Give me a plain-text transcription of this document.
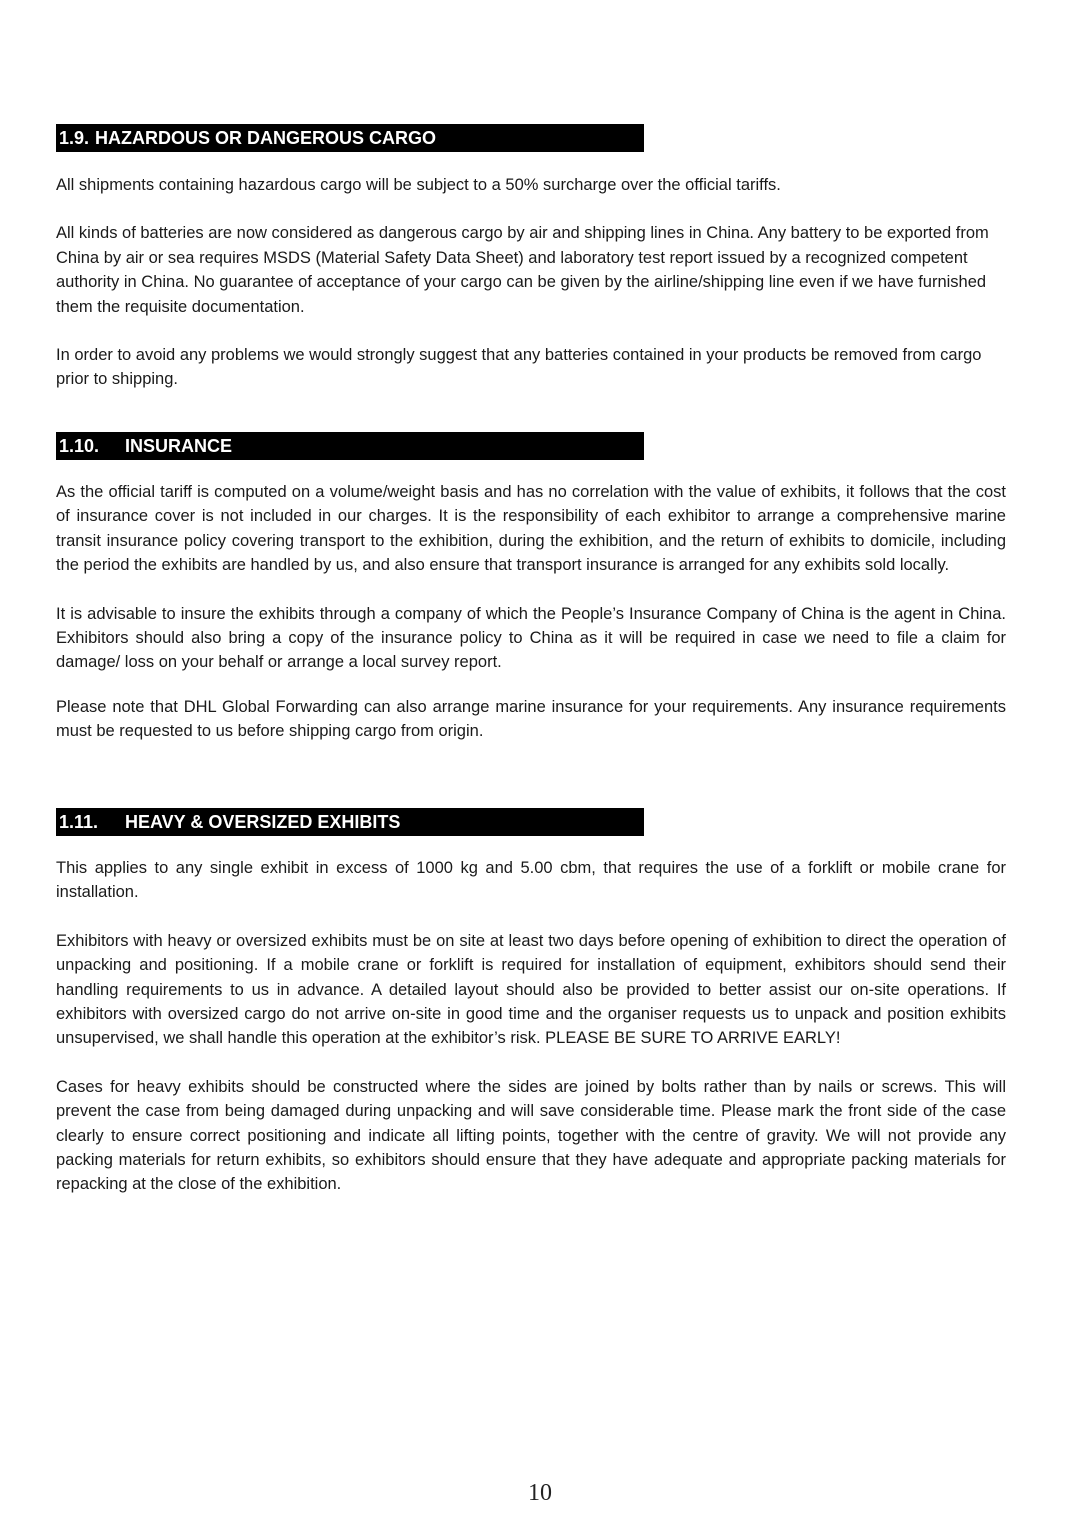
1.9. HAZARDOUS OR DANGEROUS CARGO

All shipments containing hazardous cargo will be subject to a 50% surcharge over the official tariffs.

All kinds of batteries are now considered as dangerous cargo by air and shipping lines in China. Any battery to be exported from China by air or sea requires MSDS (Material Safety Data Sheet) and laboratory test report issued by a recognized competent authority in China. No guarantee of acceptance of your cargo can be given by the airline/shipping line even if we have furnished them the requisite documentation.

In order to avoid any problems we would strongly suggest that any batteries contained in your products be removed from cargo prior to shipping.

1.10. INSURANCE

As the official tariff is computed on a volume/weight basis and has no correlation with the value of exhibits, it follows that the cost of insurance cover is not included in our charges. It is the responsibility of each exhibitor to arrange a comprehensive marine transit insurance policy covering transport to the exhibition, during the exhibition, and the return of exhibits to domicile, including the period the exhibits are handled by us, and also ensure that transport insurance is arranged for any exhibits sold locally.

It is advisable to insure the exhibits through a company of which the People’s Insurance Company of China is the agent in China. Exhibitors should also bring a copy of the insurance policy to China as it will be required in case we need to file a claim for damage/ loss on your behalf or arrange a local survey report.

Please note that DHL Global Forwarding can also arrange marine insurance for your requirements. Any insurance requirements must be requested to us before shipping cargo from origin.

1.11. HEAVY & OVERSIZED EXHIBITS

This applies to any single exhibit in excess of 1000 kg and 5.00 cbm, that requires the use of a forklift or mobile crane for installation.

Exhibitors with heavy or oversized exhibits must be on site at least two days before opening of exhibition to direct the operation of unpacking and positioning. If a mobile crane or forklift is required for installation of equipment, exhibitors should send their handling requirements to us in advance. A detailed layout should also be provided to better assist our on-site operations. If exhibitors with oversized cargo do not arrive on-site in good time and the organiser requests us to unpack and position exhibits unsupervised, we shall handle this operation at the exhibitor’s risk. PLEASE BE SURE TO ARRIVE EARLY!

Cases for heavy exhibits should be constructed where the sides are joined by bolts rather than by nails or screws. This will prevent the case from being damaged during unpacking and will save considerable time. Please mark the front side of the case clearly to ensure correct positioning and indicate all lifting points, together with the centre of gravity. We will not provide any packing materials for return exhibits, so exhibitors should ensure that they have adequate and appropriate packing materials for repacking at the close of the exhibition.

10
